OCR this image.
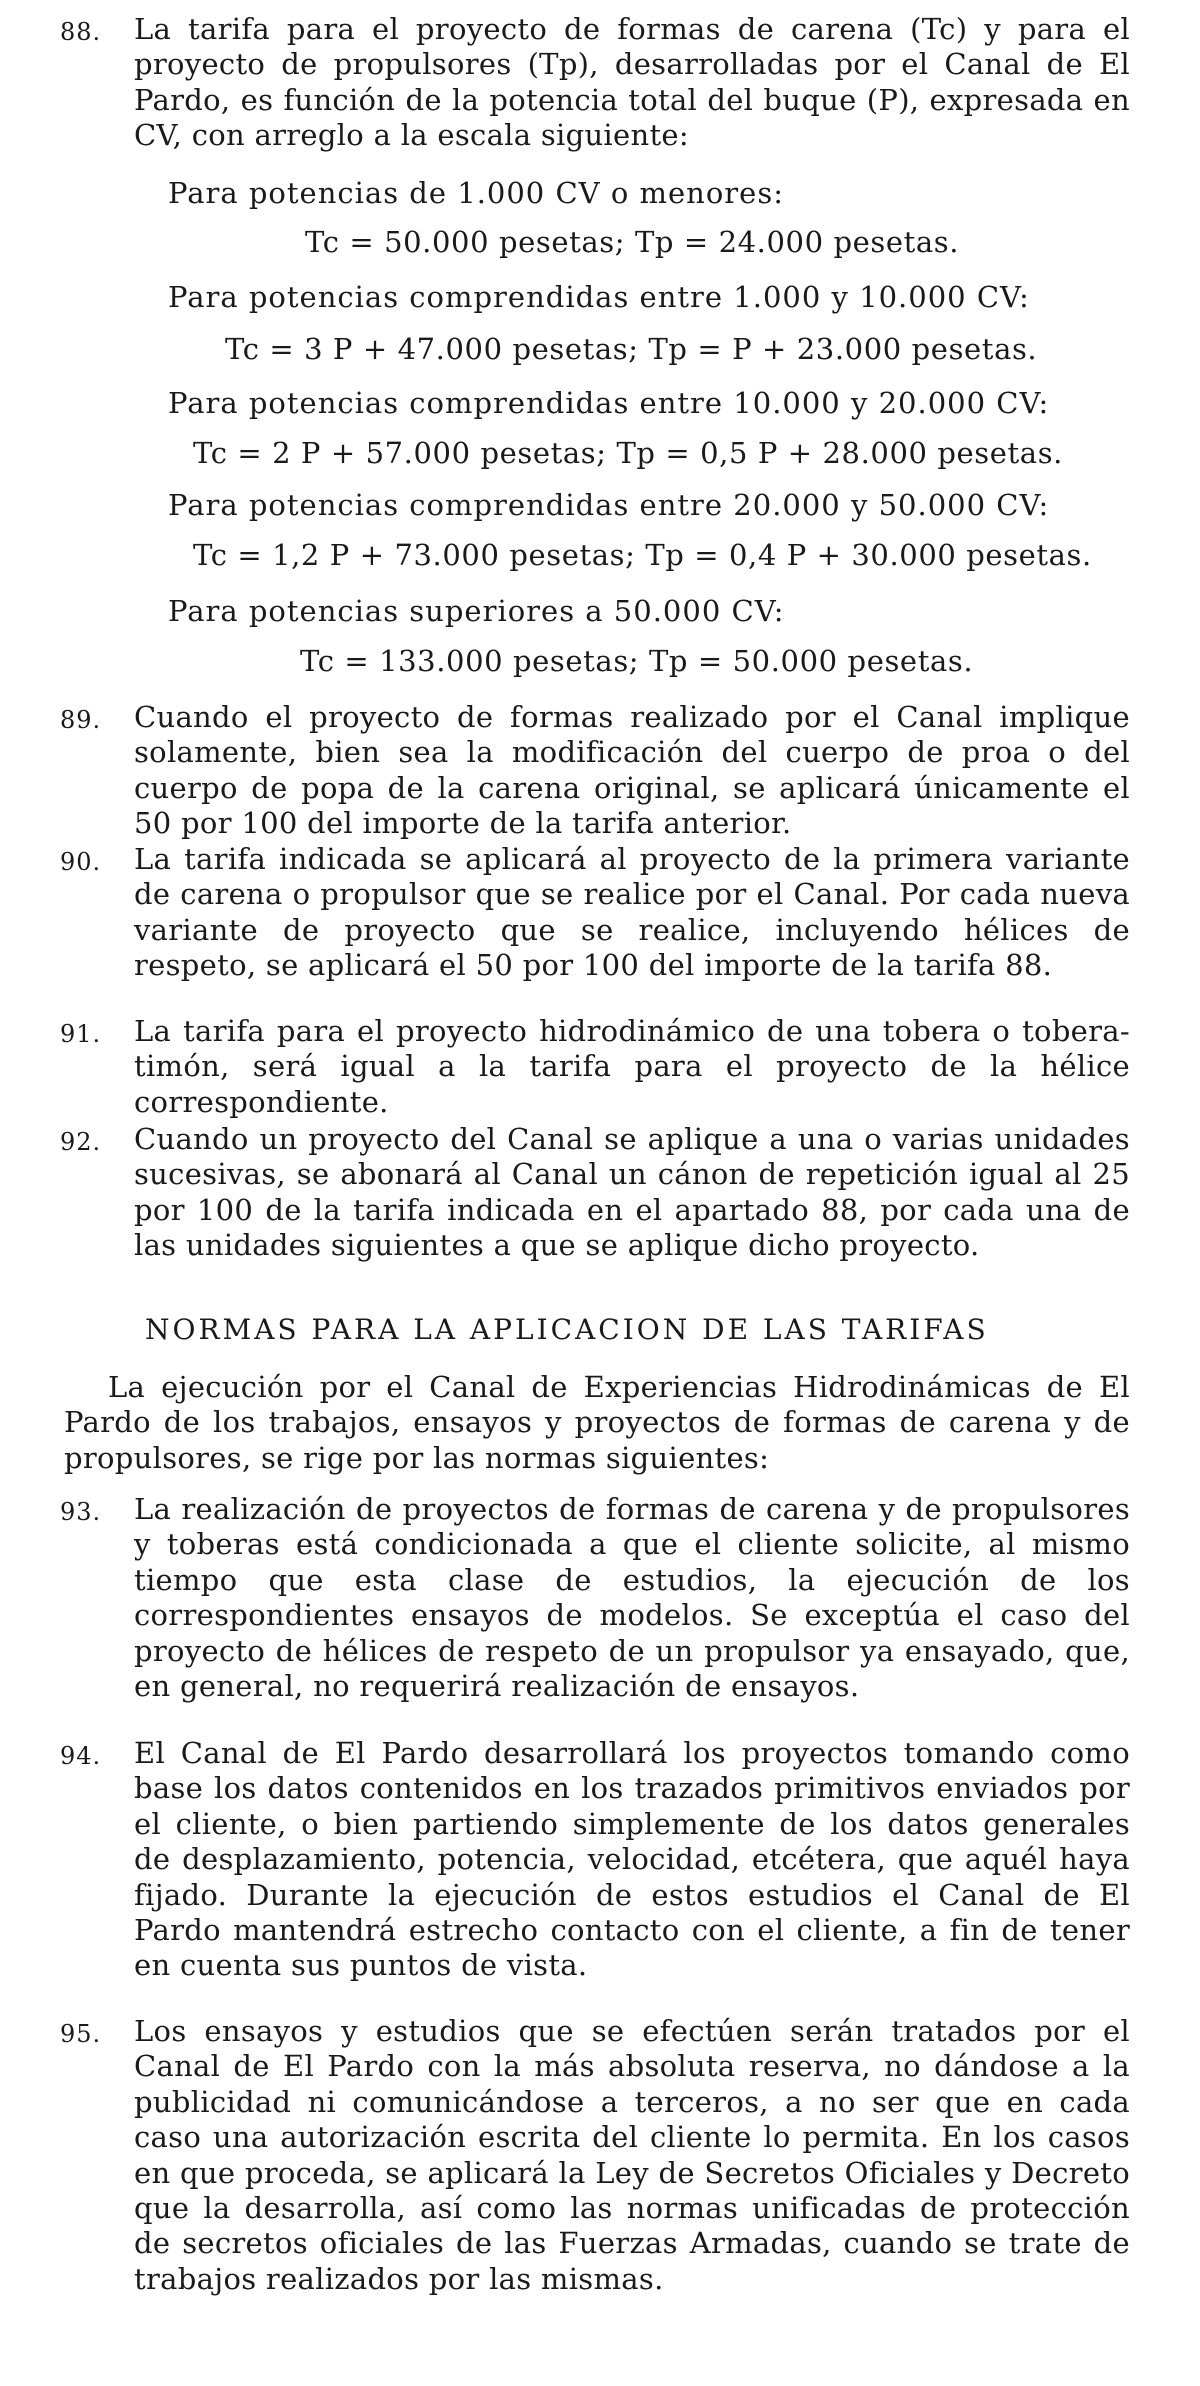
88.	La tarifa para el proyecto de formas de carena (Tc) y para el proyecto de propulsores (Tp), desarrolladas por el Canal de El Pardo, es función de la potencia total del buque (P), expresada en CV, con arreglo a la escala siguiente:
Para potencias de 1.000 CV o menores:
Tc = 50.000 pesetas; Tp = 24.000 pesetas.
Para potencias comprendidas entre 1.000 y 10.000 CV:
Tc = 3 P + 47.000 pesetas; Tp = P + 23.000 pesetas.
Para potencias comprendidas entre 10.000 y 20.000 CV:
Tc = 2 P + 57.000 pesetas; Tp = 0,5 P + 28.000 pesetas.
Para potencias comprendidas entre 20.000 y 50.000 CV:
Tc = 1,2 P + 73.000 pesetas; Tp = 0,4 P + 30.000 pesetas.
Para potencias superiores a 50.000 CV:
Tc = 133.000 pesetas; Tp = 50.000 pesetas.
89.	Cuando el proyecto de formas realizado por el Canal implique solamente, bien sea la modificación del cuerpo de proa o del cuerpo de popa de la carena original, se aplicará únicamente el 50 por 100 del importe de la tarifa anterior.
90.	La tarifa indicada se aplicará al proyecto de la primera variante de carena o propulsor que se realice por el Canal. Por cada nueva variante de proyecto que se realice, incluyendo hélices de respeto, se aplicará el 50 por 100 del importe de la tarifa 88.
91.	La tarifa para el proyecto hidrodinámico de una tobera o tobera-timón, será igual a la tarifa para el proyecto de la hélice correspondiente.
92.	Cuando un proyecto del Canal se aplique a una o varias unidades sucesivas, se abonará al Canal un cánon de repetición igual al 25 por 100 de la tarifa indicada en el apartado 88, por cada una de las unidades siguientes a que se aplique dicho proyecto.
NORMAS PARA LA APLICACION DE LAS TARIFAS
La ejecución por el Canal de Experiencias Hidrodinámicas de El Pardo de los trabajos, ensayos y proyectos de formas de carena y de propulsores, se rige por las normas siguientes:
93.	La realización de proyectos de formas de carena y de propulsores y toberas está condicionada a que el cliente solicite, al mismo tiempo que esta clase de estudios, la ejecución de los correspondientes ensayos de modelos. Se exceptúa el caso del proyecto de hélices de respeto de un propulsor ya ensayado, que, en general, no requerirá realización de ensayos.
94.	El Canal de El Pardo desarrollará los proyectos tomando como base los datos contenidos en los trazados primitivos enviados por el cliente, o bien partiendo simplemente de los datos generales de desplazamiento, potencia, velocidad, etcétera, que aquél haya fijado. Durante la ejecución de estos estudios el Canal de El Pardo mantendrá estrecho contacto con el cliente, a fin de tener en cuenta sus puntos de vista.
95.	Los ensayos y estudios que se efectúen serán tratados por el Canal de El Pardo con la más absoluta reserva, no dándose a la publicidad ni comunicándose a terceros, a no ser que en cada caso una autorización escrita del cliente lo permita. En los casos en que proceda, se aplicará la Ley de Secretos Oficiales y Decreto que la desarrolla, así como las normas unificadas de protección de secretos oficiales de las Fuerzas Armadas, cuando se trate de trabajos realizados por las mismas.
